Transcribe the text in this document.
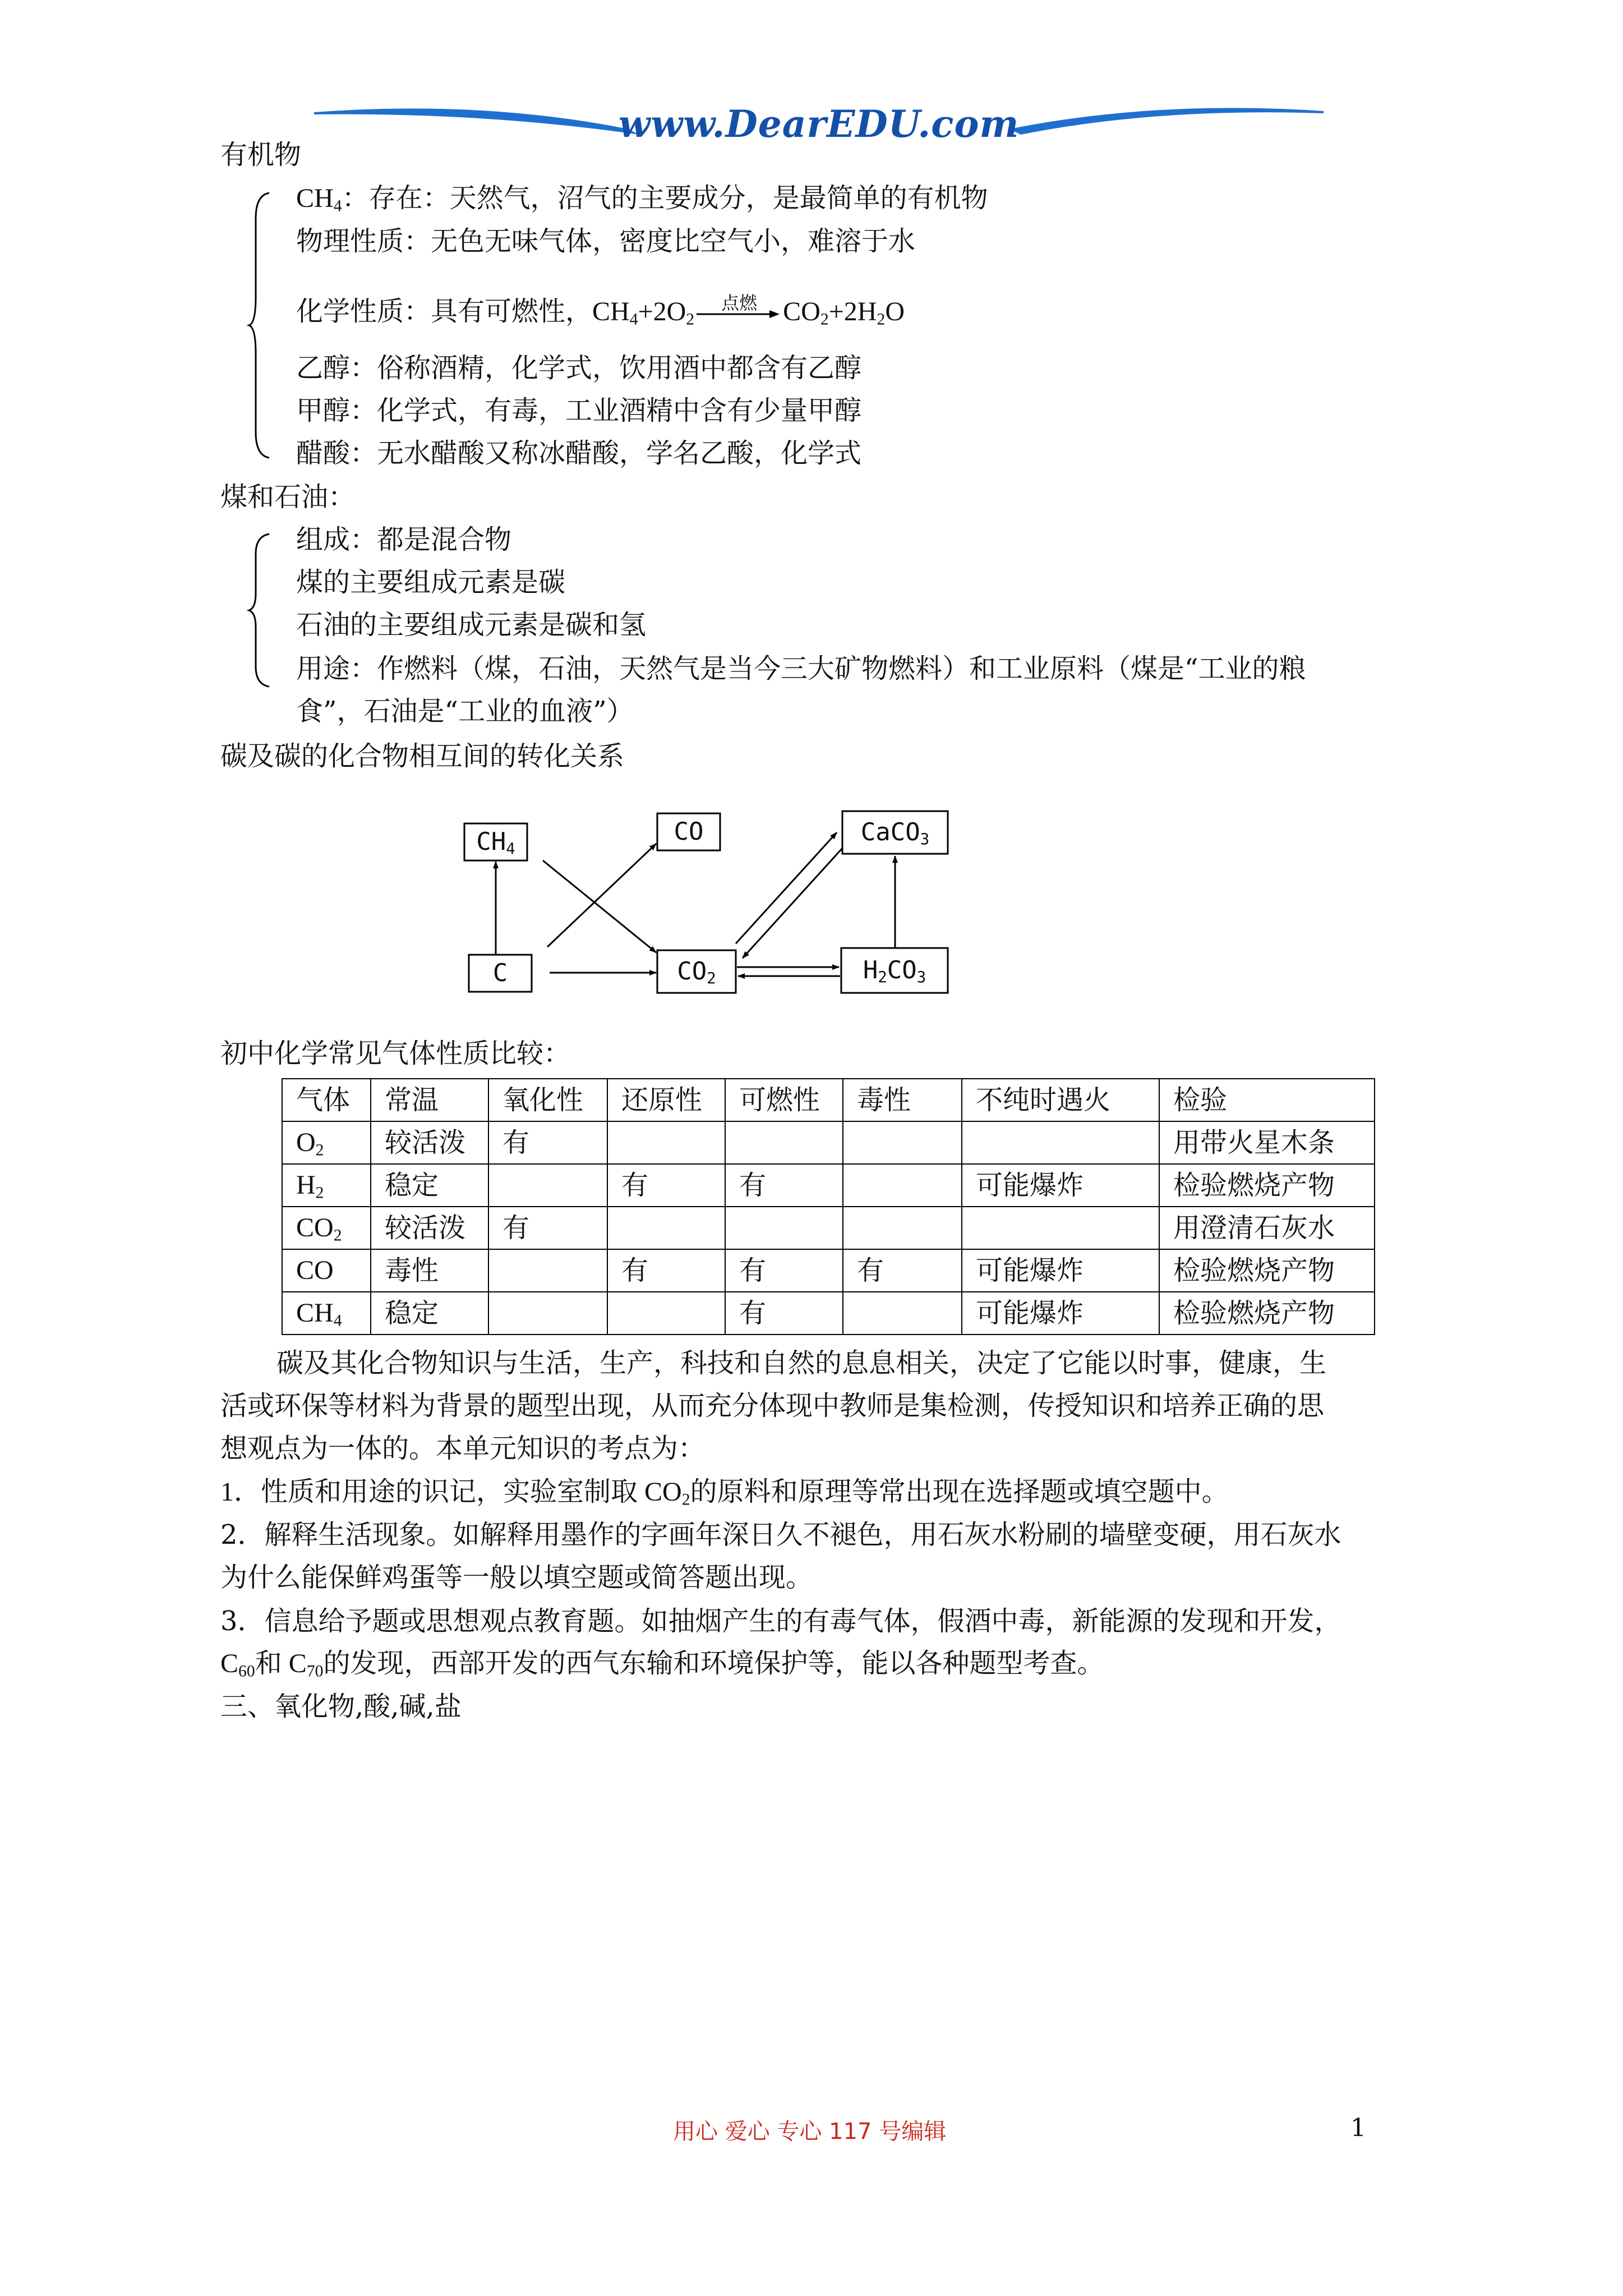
www.DearEDU.com
有机物
$CH_4$：存在：天然气，沼气的主要成分，是最简单的有机物
物理性质：无色无味气体，密度比空气小，难溶于水
化学性质：具有可燃性，$CH_4+2O_2$
点燃 $CO_2+2H_2O$
乙醇：俗称酒精，化学式，饮用酒中都含有乙醇
甲醇：化学式，有毒，工业酒精中含有少量甲醇
醋酸：无水醋酸又称冰醋酸，学名乙酸，化学式
煤和石油：
组成：都是混合物
煤的主要组成元素是碳
石油的主要组成元素是碳和氢
用途：作燃料（煤，石油，天然气是当今三大矿物燃料）和工业原料（煤是“工业的粮
食”，石油是“工业的血液”）
碳及碳的化合物相互间的转化关系
$CH_4$
CO	CaCO$_3$
C	$CO_2$	$H_2CO_3$
初中化学常见气体性质比较：
气体	常温	氧化性	还原性	可燃性	毒性	不纯时遇火	检验
$O_2$	较活泼	有					用带火星木条
$H_2$	稳定		有	有		可能爆炸	检验燃烧产物
$CO_2$	较活泼	有					用澄清石灰水
CO	毒性		有	有	有	可能爆炸	检验燃烧产物
$CH_4$	稳定			有		可能爆炸	检验燃烧产物
碳及其化合物知识与生活，生产，科技和自然的息息相关，决定了它能以时事，健康，生
活或环保等材料为背景的题型出现，从而充分体现中教师是集检测，传授知识和培养正确的思
想观点为一体的。本单元知识的考点为：
1．性质和用途的识记，实验室制取 $CO_2$的原料和原理等常出现在选择题或填空题中。
2．解释生活现象。如解释用墨作的字画年深日久不褪色，用石灰水粉刷的墙壁变硬，用石灰水
为什么能保鲜鸡蛋等一般以填空题或简答题出现。
3．信息给予题或思想观点教育题。如抽烟产生的有毒气体，假酒中毒，新能源的发现和开发，
$C_{60}$和 $C_{70}$的发现，西部开发的西气东输和环境保护等，能以各种题型考查。
三、氧化物,酸,碱,盐
用心 爱心 专心 117 号编辑	1
